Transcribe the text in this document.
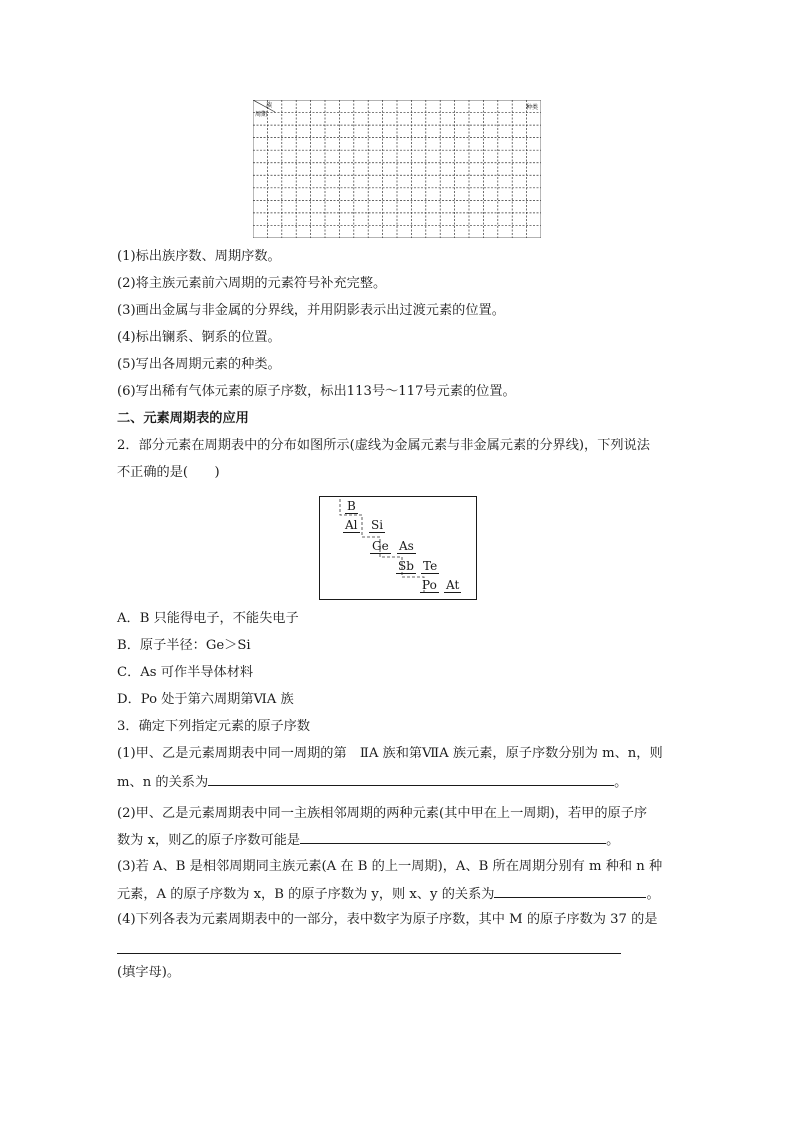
族
周期
种类
(1)标出族序数、周期序数。
(2)将主族元素前六周期的元素符号补充完整。
(3)画出金属与非金属的分界线，并用阴影表示出过渡元素的位置。
(4)标出镧系、锕系的位置。
(5)写出各周期元素的种类。
(6)写出稀有气体元素的原子序数，标出113号～117号元素的位置。
二、元素周期表的应用
2．部分元素在周期表中的分布如图所示(虚线为金属元素与非金属元素的分界线)，下列说法
不正确的是(　　)
B
Al Si
Ge As
Sb Te
Po At
A．B 只能得电子，不能失电子
B．原子半径：Ge＞Si
C．As 可作半导体材料
D．Po 处于第六周期第ⅥA 族
3．确定下列指定元素的原子序数
(1)甲、乙是元素周期表中同一周期的第　ⅡA 族和第ⅦA 族元素，原子序数分别为 m、n，则
m、n 的关系为	。
(2)甲、乙是元素周期表中同一主族相邻周期的两种元素(其中甲在上一周期)，若甲的原子序
数为 x，则乙的原子序数可能是	。
(3)若 A、B 是相邻周期同主族元素(A 在 B 的上一周期)，A、B 所在周期分别有 m 种和 n 种
元素，A 的原子序数为 x，B 的原子序数为 y，则 x、y 的关系为	。
(4)下列各表为元素周期表中的一部分，表中数字为原子序数，其中 M 的原子序数为 37 的是
(填字母)。
